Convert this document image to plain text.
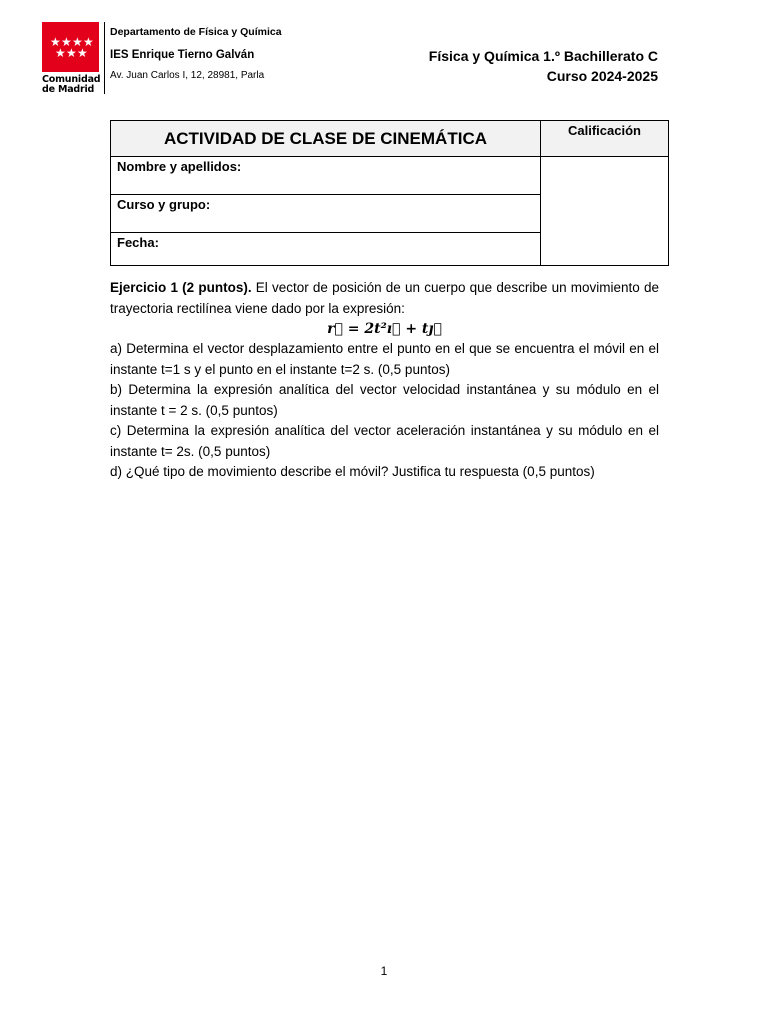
★ ★ ★ ★
★ ★ ★
Comunidad
de Madrid
Departamento de Física y Química
IES Enrique Tierno Galván
Av. Juan Carlos I, 12, 28981, Parla
Física y Química 1.º Bachillerato C
Curso 2024-2025
ACTIVIDAD DE CLASE DE CINEMÁTICA	Calificación
Nombre y apellidos:	
Curso y grupo:	
Fecha:	

Ejercicio 1 (2 puntos). El vector de posición de un cuerpo que describe un movimiento de trayectoria rectilínea viene dado por la expresión:

r⃗ = 2t²ı⃗ + tȷ⃗

a) Determina el vector desplazamiento entre el punto en el que se encuentra el móvil en el instante t=1 s y el punto en el instante t=2 s. (0,5 puntos)

b) Determina la expresión analítica del vector velocidad instantánea y su módulo en el instante t = 2 s. (0,5 puntos)

c) Determina la expresión analítica del vector aceleración instantánea y su módulo en el instante t= 2s. (0,5 puntos)

d) ¿Qué tipo de movimiento describe el móvil? Justifica tu respuesta (0,5 puntos)

1
